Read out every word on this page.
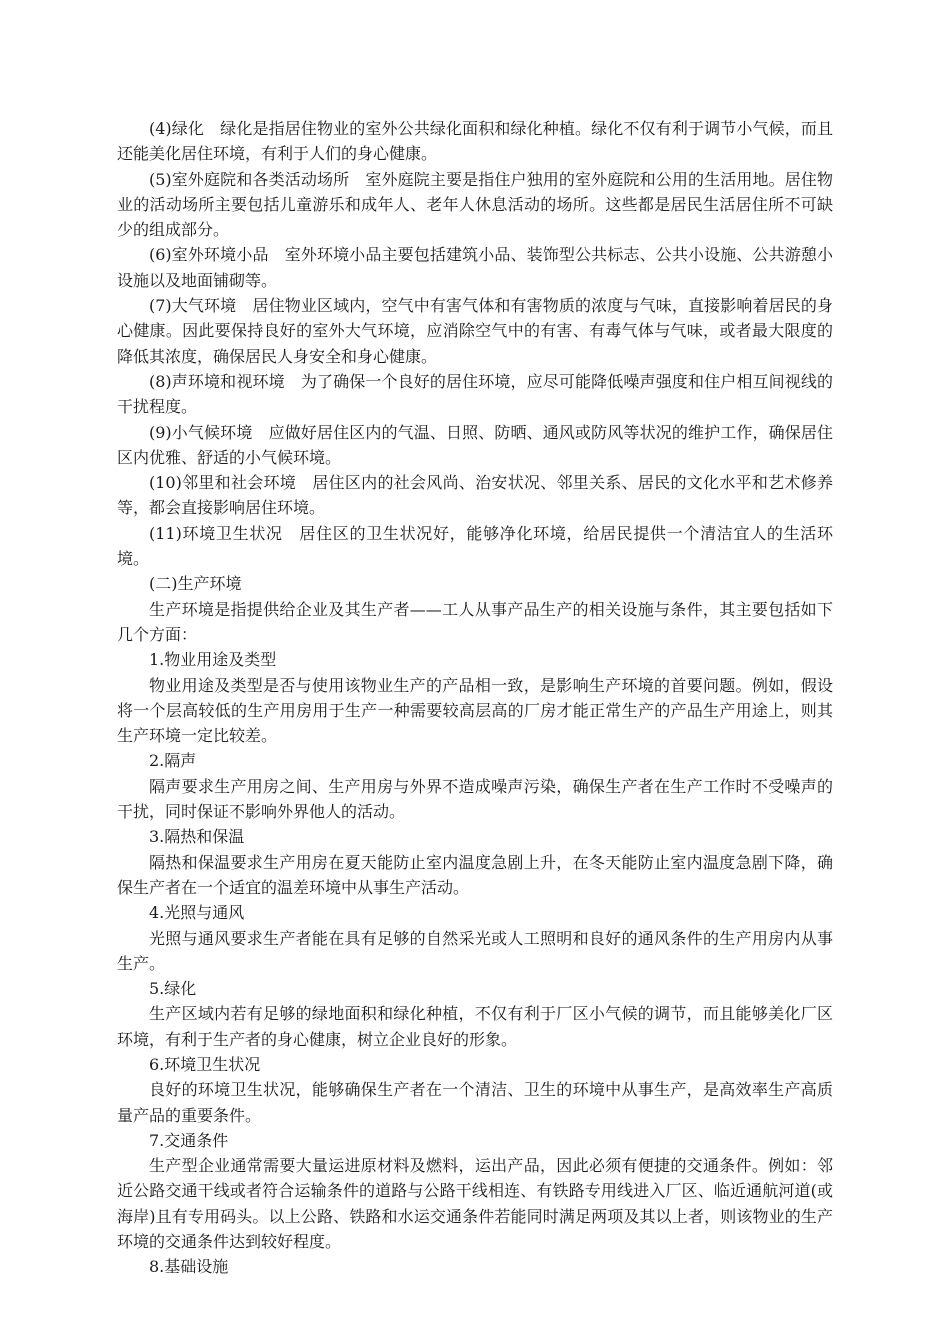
(4)绿化　绿化是指居住物业的室外公共绿化面积和绿化种植。绿化不仅有利于调节小气候，而且还能美化居住环境，有利于人们的身心健康。

(5)室外庭院和各类活动场所　室外庭院主要是指住户独用的室外庭院和公用的生活用地。居住物业的活动场所主要包括儿童游乐和成年人、老年人休息活动的场所。这些都是居民生活居住所不可缺少的组成部分。

(6)室外环境小品　室外环境小品主要包括建筑小品、装饰型公共标志、公共小设施、公共游憩小设施以及地面铺砌等。

(7)大气环境　居住物业区域内，空气中有害气体和有害物质的浓度与气味，直接影响着居民的身心健康。因此要保持良好的室外大气环境，应消除空气中的有害、有毒气体与气味，或者最大限度的降低其浓度，确保居民人身安全和身心健康。

(8)声环境和视环境　为了确保一个良好的居住环境，应尽可能降低噪声强度和住户相互间视线的干扰程度。

(9)小气候环境　应做好居住区内的气温、日照、防晒、通风或防风等状况的维护工作，确保居住区内优雅、舒适的小气候环境。

(10)邻里和社会环境　居住区内的社会风尚、治安状况、邻里关系、居民的文化水平和艺术修养等，都会直接影响居住环境。

(11)环境卫生状况　居住区的卫生状况好，能够净化环境，给居民提供一个清洁宜人的生活环境。

(二)生产环境

生产环境是指提供给企业及其生产者——工人从事产品生产的相关设施与条件，其主要包括如下几个方面：

1.物业用途及类型

物业用途及类型是否与使用该物业生产的产品相一致，是影响生产环境的首要问题。例如，假设将一个层高较低的生产用房用于生产一种需要较高层高的厂房才能正常生产的产品生产用途上，则其生产环境一定比较差。

2.隔声

隔声要求生产用房之间、生产用房与外界不造成噪声污染，确保生产者在生产工作时不受噪声的干扰，同时保证不影响外界他人的活动。

3.隔热和保温

隔热和保温要求生产用房在夏天能防止室内温度急剧上升，在冬天能防止室内温度急剧下降，确保生产者在一个适宜的温差环境中从事生产活动。

4.光照与通风

光照与通风要求生产者能在具有足够的自然采光或人工照明和良好的通风条件的生产用房内从事生产。

5.绿化

生产区域内若有足够的绿地面积和绿化种植，不仅有利于厂区小气候的调节，而且能够美化厂区环境，有利于生产者的身心健康，树立企业良好的形象。

6.环境卫生状况

良好的环境卫生状况，能够确保生产者在一个清洁、卫生的环境中从事生产，是高效率生产高质量产品的重要条件。

7.交通条件

生产型企业通常需要大量运进原材料及燃料，运出产品，因此必须有便捷的交通条件。例如：邻近公路交通干线或者符合运输条件的道路与公路干线相连、有铁路专用线进入厂区、临近通航河道(或海岸)且有专用码头。以上公路、铁路和水运交通条件若能同时满足两项及其以上者，则该物业的生产环境的交通条件达到较好程度。

8.基础设施
